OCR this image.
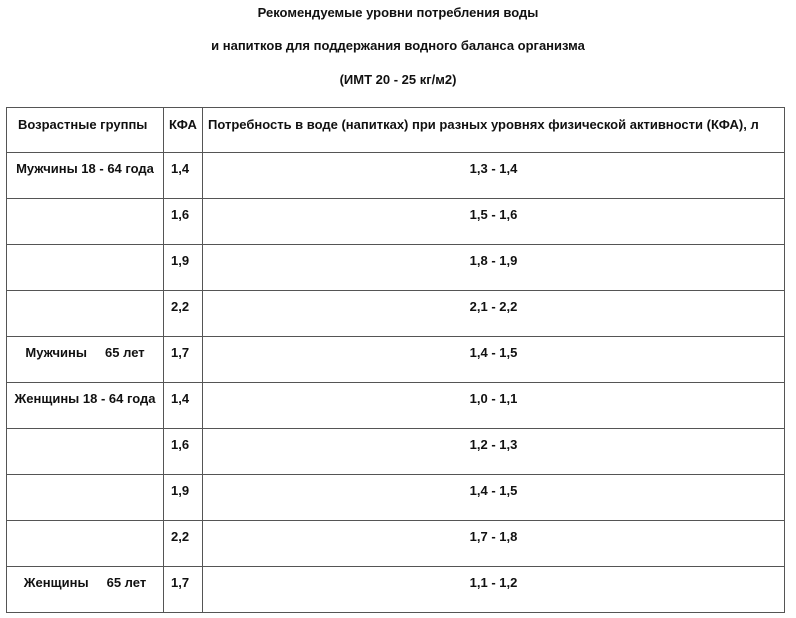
Рекомендуемые уровни потребления воды
и напитков для поддержания водного баланса организма
(ИМТ 20 - 25 кг/м2)
Возрастные группы	КФА	Потребность в воде (напитках) при разных уровнях физической активности (КФА), л
Мужчины 18 - 64 года	1,4	1,3 - 1,4
	1,6	1,5 - 1,6
	1,9	1,8 - 1,9
	2,2	2,1 - 2,2
Мужчины     65 лет	1,7	1,4 - 1,5
Женщины 18 - 64 года	1,4	1,0 - 1,1
	1,6	1,2 - 1,3
	1,9	1,4 - 1,5
	2,2	1,7 - 1,8
Женщины     65 лет	1,7	1,1 - 1,2
